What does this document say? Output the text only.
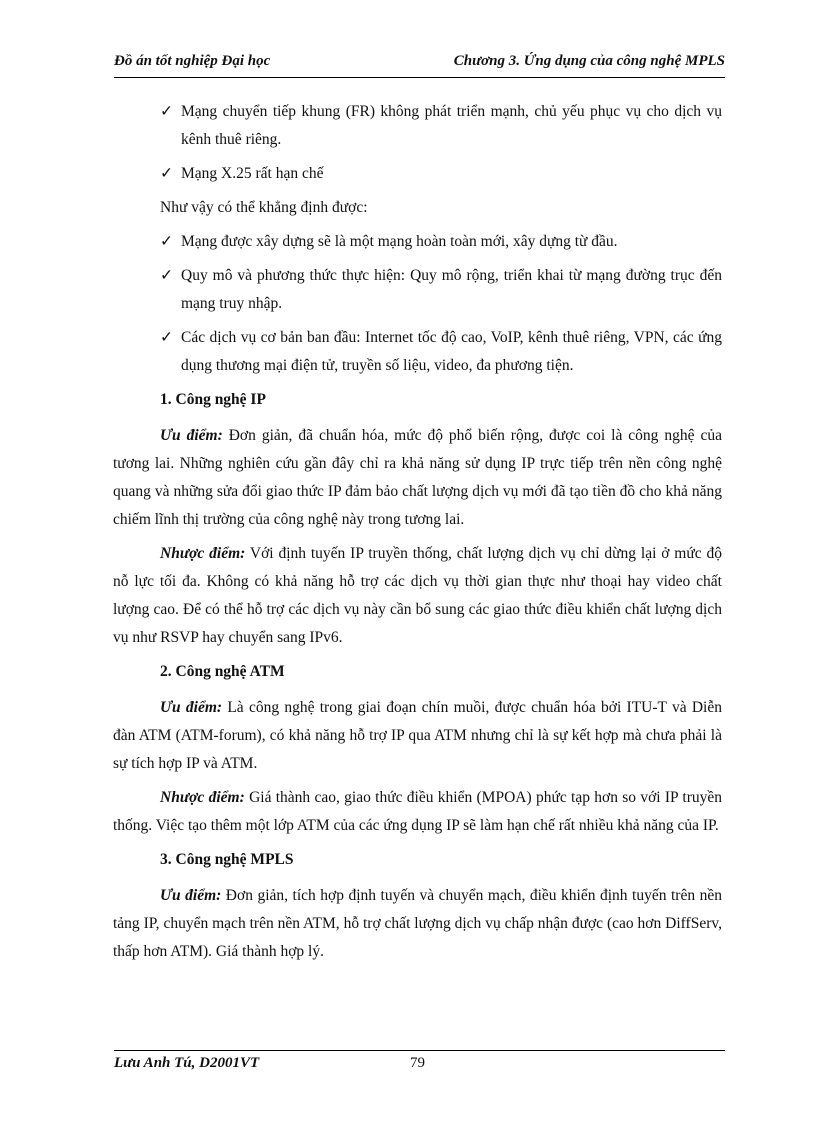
Đồ án tốt nghiệp Đại học	Chương 3. Ứng dụng của công nghệ MPLS
✓ Mạng chuyển tiếp khung (FR) không phát triển mạnh, chủ yếu phục vụ cho dịch vụ kênh thuê riêng.
✓ Mạng X.25 rất hạn chế
Như vậy có thể khẳng định được:
✓ Mạng được xây dựng sẽ là một mạng hoàn toàn mới, xây dựng từ đầu.
✓ Quy mô và phương thức thực hiện: Quy mô rộng, triển khai từ mạng đường trục đến mạng truy nhập.
✓ Các dịch vụ cơ bản ban đầu: Internet tốc độ cao, VoIP, kênh thuê riêng, VPN, các ứng dụng thương mại điện tử, truyền số liệu, video, đa phương tiện.
1. Công nghệ IP
Ưu điểm: Đơn giản, đã chuẩn hóa, mức độ phổ biến rộng, được coi là công nghệ của tương lai. Những nghiên cứu gần đây chỉ ra khả năng sử dụng IP trực tiếp trên nền công nghệ quang và những sửa đổi giao thức IP đảm bảo chất lượng dịch vụ mới đã tạo tiền đồ cho khả năng chiếm lĩnh thị trường của công nghệ này trong tương lai.
Nhược điểm: Với định tuyến IP truyền thống, chất lượng dịch vụ chỉ dừng lại ở mức độ nỗ lực tối đa. Không có khả năng hỗ trợ các dịch vụ thời gian thực như thoại hay video chất lượng cao. Để có thể hỗ trợ các dịch vụ này cần bổ sung các giao thức điều khiển chất lượng dịch vụ như RSVP hay chuyển sang IPv6.
2. Công nghệ ATM
Ưu điểm: Là công nghệ trong giai đoạn chín muồi, được chuẩn hóa bởi ITU-T và Diễn đàn ATM (ATM-forum), có khả năng hỗ trợ IP qua ATM nhưng chỉ là sự kết hợp mà chưa phải là sự tích hợp IP và ATM.
Nhược điểm: Giá thành cao, giao thức điều khiển (MPOA) phức tạp hơn so với IP truyền thống. Việc tạo thêm một lớp ATM của các ứng dụng IP sẽ làm hạn chế rất nhiều khả năng của IP.
3. Công nghệ MPLS
Ưu điểm: Đơn giản, tích hợp định tuyến và chuyển mạch, điều khiển định tuyến trên nền tảng IP, chuyển mạch trên nền ATM, hỗ trợ chất lượng dịch vụ chấp nhận được (cao hơn DiffServ, thấp hơn ATM). Giá thành hợp lý.
Lưu Anh Tú, D2001VT	79
